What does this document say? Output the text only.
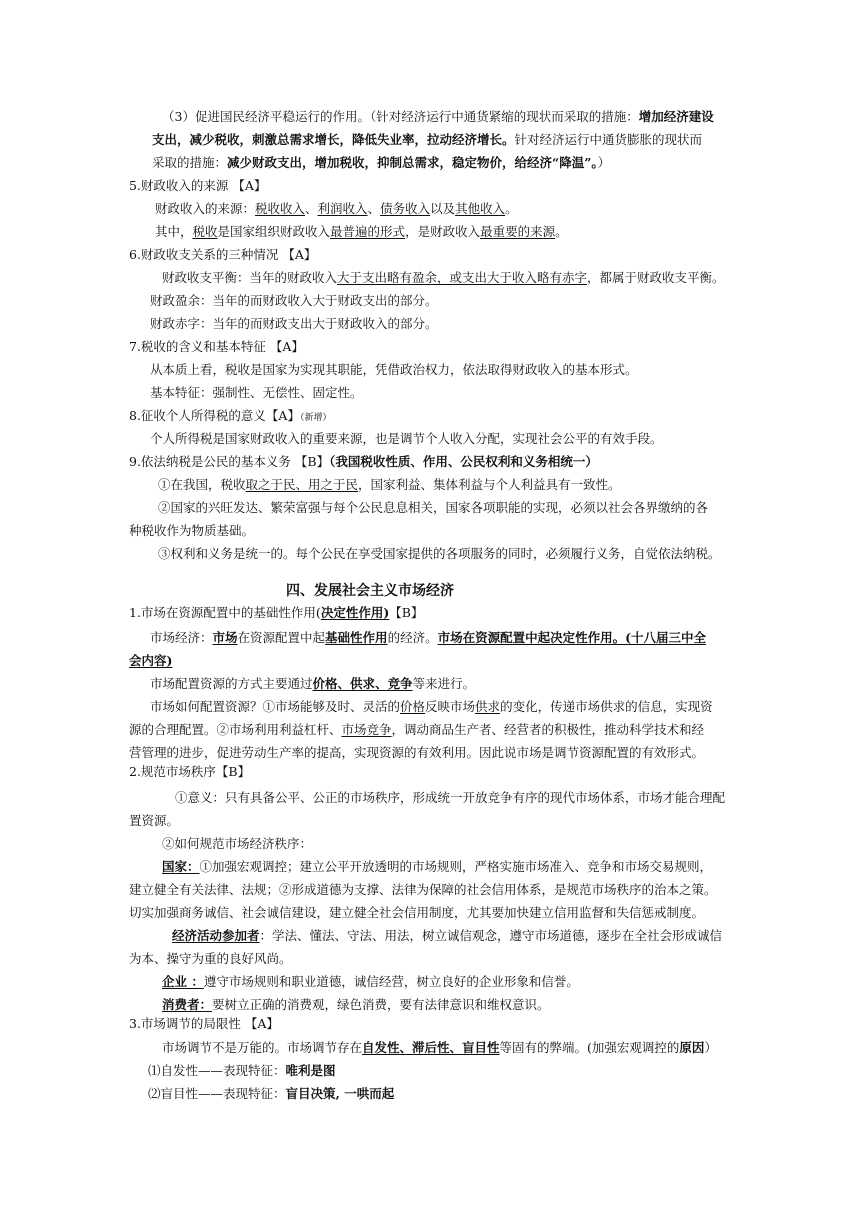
（3）促进国民经济平稳运行的作用。（针对经济运行中通货紧缩的现状而采取的措施：增加经济建设
支出，减少税收，刺激总需求增长，降低失业率，拉动经济增长。针对经济运行中通货膨胀的现状而
采取的措施：减少财政支出，增加税收，抑制总需求，稳定物价，给经济“降温”。）
5.财政收入的来源 【A】
财政收入的来源：税收收入、利润收入、债务收入以及其他收入。
其中，税收是国家组织财政收入最普遍的形式，是财政收入最重要的来源。
6.财政收支关系的三种情况 【A】
财政收支平衡：当年的财政收入大于支出略有盈余，或支出大于收入略有赤字，都属于财政收支平衡。
财政盈余：当年的而财政收入大于财政支出的部分。
财政赤字：当年的而财政支出大于财政收入的部分。
7.税收的含义和基本特征 【A】
从本质上看，税收是国家为实现其职能，凭借政治权力，依法取得财政收入的基本形式。
基本特征：强制性、无偿性、固定性。
8.征收个人所得税的意义【A】（新增）
个人所得税是国家财政收入的重要来源，也是调节个人收入分配，实现社会公平的有效手段。
9.依法纳税是公民的基本义务 【B】（我国税收性质、作用、公民权利和义务相统一）
①在我国，税收取之于民、用之于民，国家利益、集体利益与个人利益具有一致性。
②国家的兴旺发达、繁荣富强与每个公民息息相关，国家各项职能的实现，必须以社会各界缴纳的各
种税收作为物质基础。
③权利和义务是统一的。每个公民在享受国家提供的各项服务的同时，必须履行义务，自觉依法纳税。
四、发展社会主义市场经济
1.市场在资源配置中的基础性作用(决定性作用)【B】
市场经济：市场在资源配置中起基础性作用的经济。市场在资源配置中起决定性作用。(十八届三中全
会内容)
市场配置资源的方式主要通过价格、供求、竞争等来进行。
市场如何配置资源？①市场能够及时、灵活的价格反映市场供求的变化，传递市场供求的信息，实现资
源的合理配置。②市场利用利益杠杆、市场竞争，调动商品生产者、经营者的积极性，推动科学技术和经
营管理的进步，促进劳动生产率的提高，实现资源的有效利用。因此说市场是调节资源配置的有效形式。
2.规范市场秩序【B】
①意义：只有具备公平、公正的市场秩序，形成统一开放竞争有序的现代市场体系，市场才能合理配
置资源。
②如何规范市场经济秩序：
国家：①加强宏观调控；建立公平开放透明的市场规则，严格实施市场准入、竞争和市场交易规则，
建立健全有关法律、法规；②形成道德为支撑、法律为保障的社会信用体系，是规范市场秩序的治本之策。
切实加强商务诚信、社会诚信建设，建立健全社会信用制度，尤其要加快建立信用监督和失信惩戒制度。
经济活动参加者：学法、懂法、守法、用法，树立诚信观念，遵守市场道德，逐步在全社会形成诚信
为本、操守为重的良好风尚。
企业 ：遵守市场规则和职业道德，诚信经营，树立良好的企业形象和信誉。
消费者：要树立正确的消费观，绿色消费，要有法律意识和维权意识。
3.市场调节的局限性 【A】
市场调节不是万能的。市场调节存在自发性、滞后性、盲目性等固有的弊端。(加强宏观调控的原因）
⑴自发性——表现特征：唯利是图
⑵盲目性——表现特征：盲目决策, 一哄而起
